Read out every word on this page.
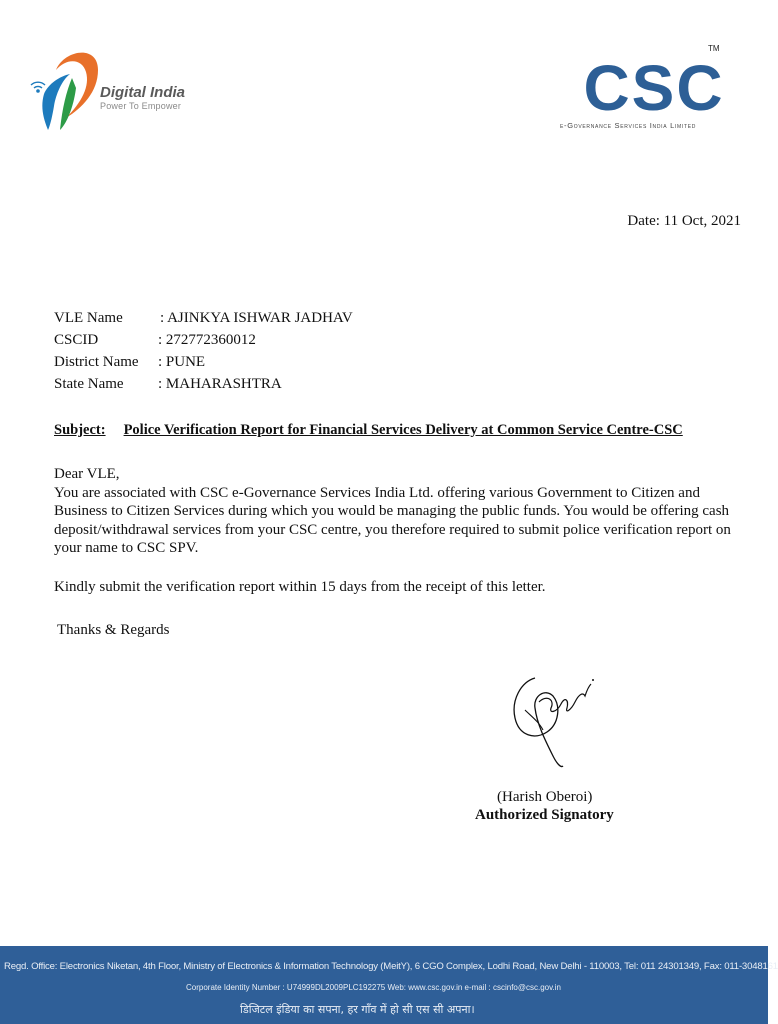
Digital India
Power To Empower	CSC
TM
e-Governance Services India Limited
Date: 11 Oct, 2021
VLE Name : AJINKYA ISHWAR JADHAV
CSCID	: 272772360012
District Name : PUNE
State Name : MAHARASHTRA
Subject: Police Verification Report for Financial Services Delivery at Common Service Centre-CSC

Dear VLE,

You are associated with CSC e-Governance Services India Ltd. offering various Government to Citizen and Business to Citizen Services during which you would be managing the public funds. You would be offering cash deposit/withdrawal services from your CSC centre, you therefore required to submit police verification report on your name to CSC SPV.

Kindly submit the verification report within 15 days from the receipt of this letter.
Thanks & Regards
(Harish Oberoi)
Authorized Signatory
Regd. Office: Electronics Niketan, 4th Floor, Ministry of Electronics & Information Technology (MeitY), 6 CGO Complex, Lodhi Road, New Delhi - 110003, Tel: 011 24301349, Fax: 011-3048161
Corporate Identity Number : U74999DL2009PLC192275 Web: www.csc.gov.in e-mail : cscinfo@csc.gov.in
डिजिटल इंडिया का सपना, हर गाँव में हो सी एस सी अपना।
